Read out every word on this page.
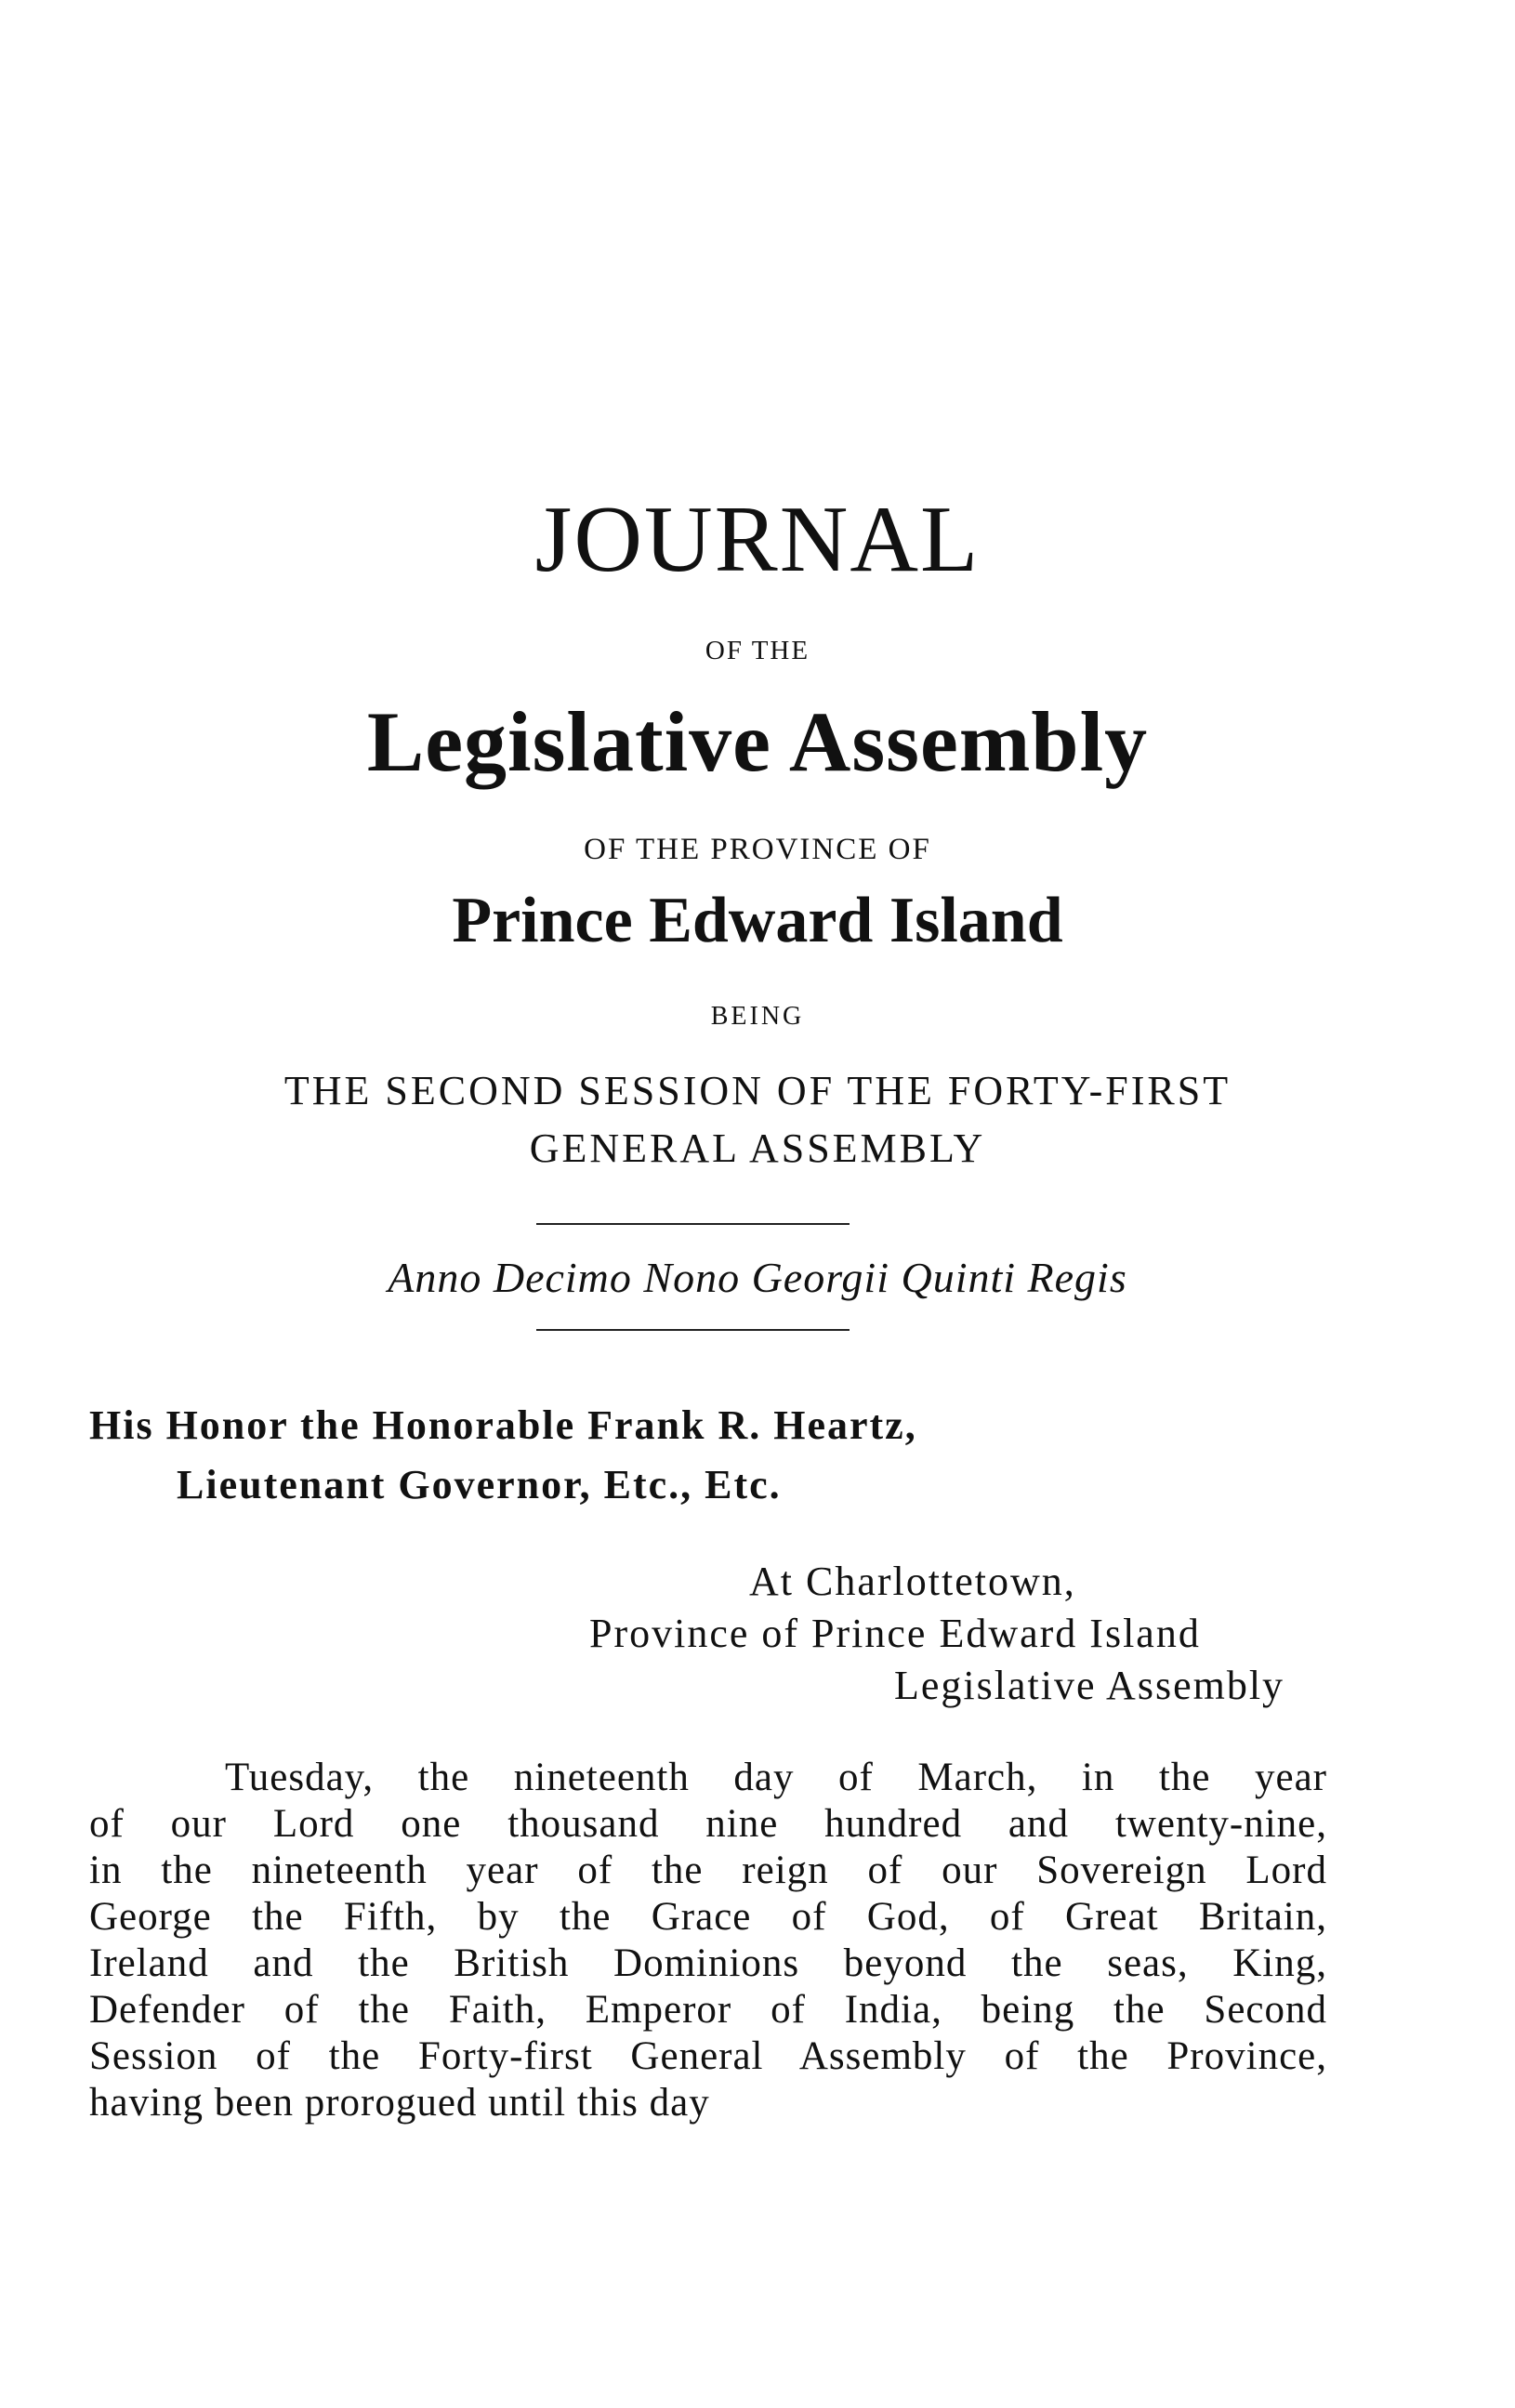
JOURNAL
OF THE
Legislative Assembly
OF THE PROVINCE OF
Prince Edward Island
BEING
THE SECOND SESSION OF THE FORTY-FIRST
GENERAL ASSEMBLY
Anno Decimo Nono Georgii Quinti Regis
His Honor the Honorable Frank R. Heartz,
Lieutenant Governor, Etc., Etc.
At Charlottetown,
Province of Prince Edward Island
Legislative Assembly
Tuesday, the nineteenth day of March, in the year
of our Lord one thousand nine hundred and twenty-nine,
in the nineteenth year of the reign of our Sovereign Lord
George the Fifth, by the Grace of God, of Great Britain,
Ireland and the British Dominions beyond the seas, King,
Defender of the Faith, Emperor of India, being the Second
Session of the Forty-first General Assembly of the Province,
having been prorogued until this day
